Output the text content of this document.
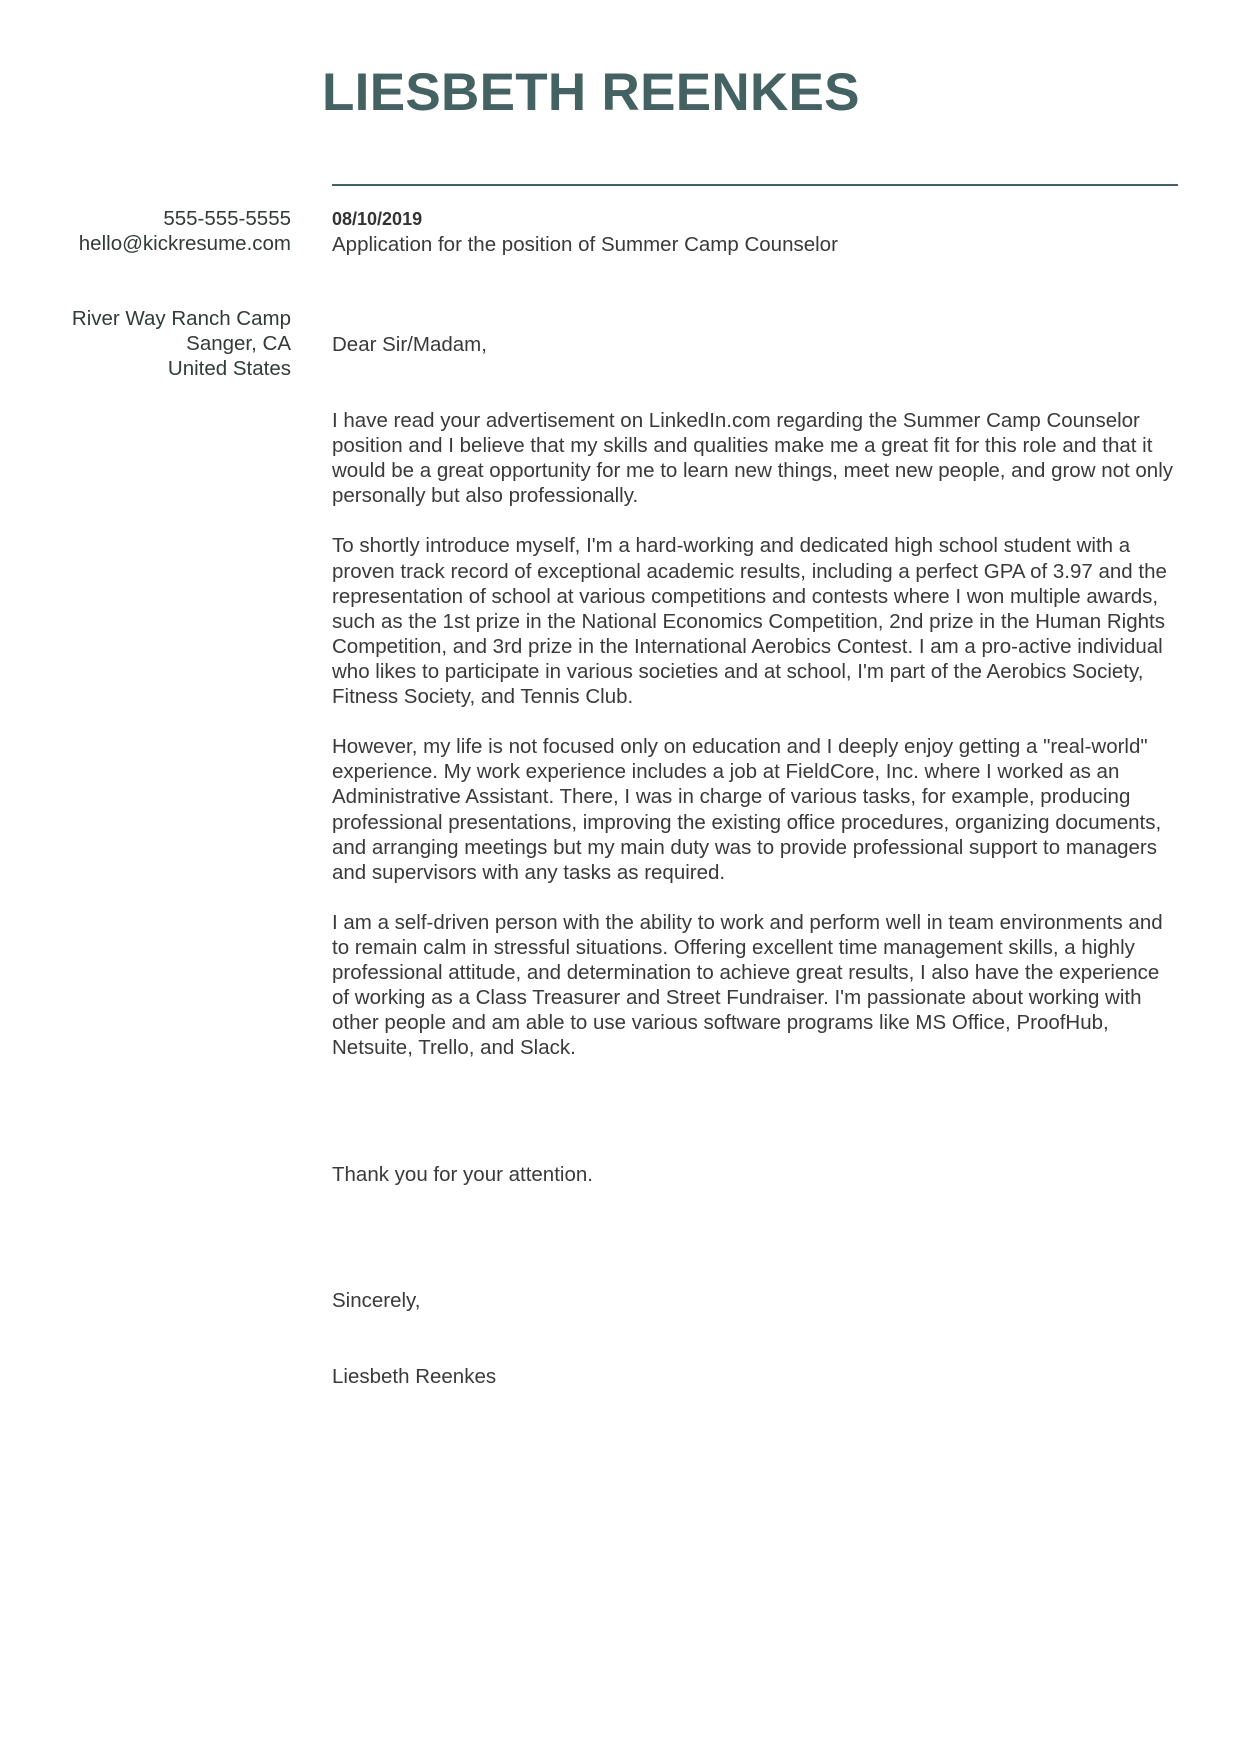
LIESBETH REENKES
555-555-5555
hello@kickresume.com
River Way Ranch Camp
Sanger, CA
United States
08/10/2019
Application for the position of Summer Camp Counselor
Dear Sir/Madam,

I have read your advertisement on LinkedIn.com regarding the Summer Camp Counselor position and I believe that my skills and qualities make me a great fit for this role and that it would be a great opportunity for me to learn new things, meet new people, and grow not only personally but also professionally.

To shortly introduce myself, I'm a hard-working and dedicated high school student with a proven track record of exceptional academic results, including a perfect GPA of 3.97 and the representation of school at various competitions and contests where I won multiple awards, such as the 1st prize in the National Economics Competition, 2nd prize in the Human Rights Competition, and 3rd prize in the International Aerobics Contest. I am a pro-active individual who likes to participate in various societies and at school, I'm part of the Aerobics Society, Fitness Society, and Tennis Club.

However, my life is not focused only on education and I deeply enjoy getting a "real-world" experience. My work experience includes a job at FieldCore, Inc. where I worked as an Administrative Assistant. There, I was in charge of various tasks, for example, producing professional presentations, improving the existing office procedures, organizing documents, and arranging meetings but my main duty was to provide professional support to managers and supervisors with any tasks as required.

I am a self-driven person with the ability to work and perform well in team environments and to remain calm in stressful situations. Offering excellent time management skills, a highly professional attitude, and determination to achieve great results, I also have the experience of working as a Class Treasurer and Street Fundraiser. I'm passionate about working with other people and am able to use various software programs like MS Office, ProofHub, Netsuite, Trello, and Slack.

Thank you for your attention.
Sincerely,
Liesbeth Reenkes
